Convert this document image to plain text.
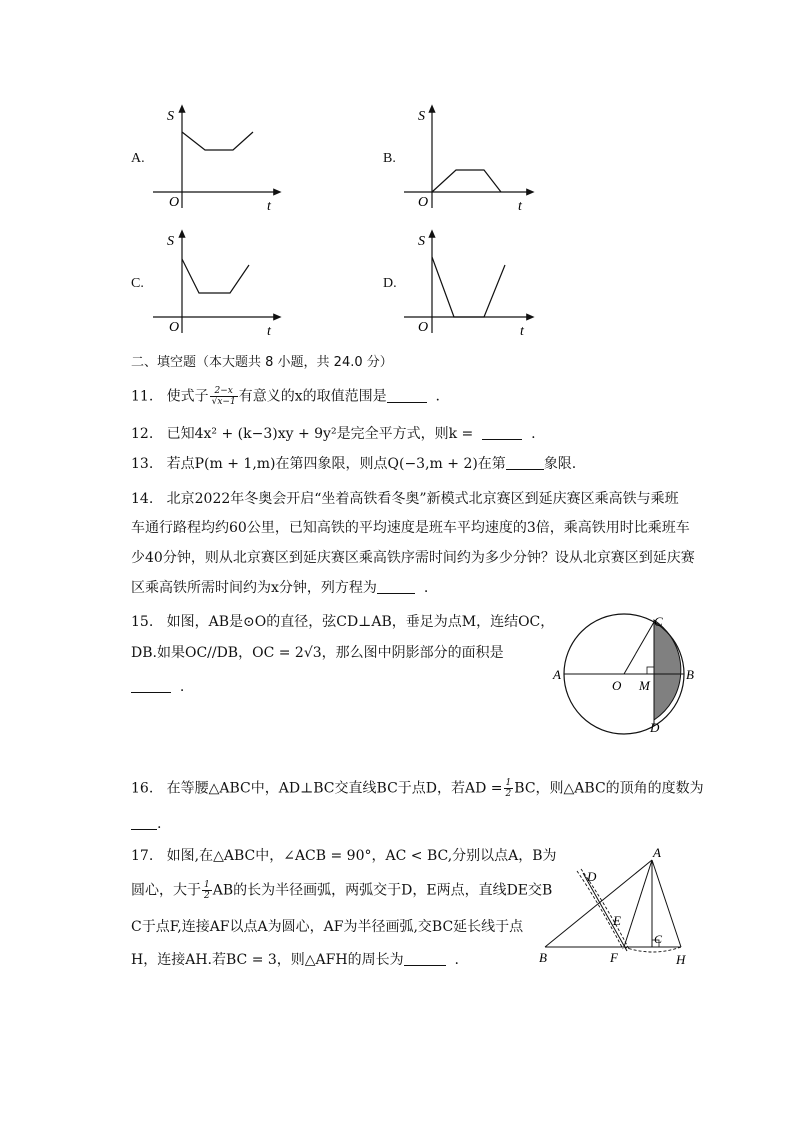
A.
S
t
O
B.
S
t
O
C.
S
t
O
D.
S
t
O
二、填空题（本大题共 8 小题，共 24.0 分）
11. 使式子 $\frac{2-x}{√x-1}$ 有意义的x的取值范围是	.
12. 已知4x² + (k−3)xy + 9y²是完全平方式，则k =	.
13. 若点P(m + 1,m)在第四象限，则点Q(−3,m + 2)在第	象限.
14. 北京2022年冬奥会开启“坐着高铁看冬奥”新模式北京赛区到延庆赛区乘高铁与乘班
车通行路程均约60公里，已知高铁的平均速度是班车平均速度的3倍，乘高铁用时比乘班车
少40分钟，则从北京赛区到延庆赛区乘高铁序需时间约为多少分钟？设从北京赛区到延庆赛
区乘高铁所需时间约为x分钟，列方程为	.
15. 如图，AB是⊙O的直径，弦CD⊥AB，垂足为点M，连结OC，
DB.如果OC//DB，OC = 2√3，那么图中阴影部分的面积是
.
A	B
C
D
O M
16. 在等腰△ABC中，AD⊥BC交直线BC于点D，若AD = $\frac{1}{2}$ BC，则△ABC的顶角的度数为
.
17. 如图,在△ABC中，∠ACB = 90°，AC < BC,分别以点A，B为
圆心，大于 $\frac{1}{2}$ AB的长为半径画弧，两弧交于D，E两点，直线DE交B
C于点F,连接AF以点A为圆心，AF为半径画弧,交BC延长线于点
H，连接AH.若BC = 3，则△AFH的周长为	.
A
B
C
D
E
F	H
